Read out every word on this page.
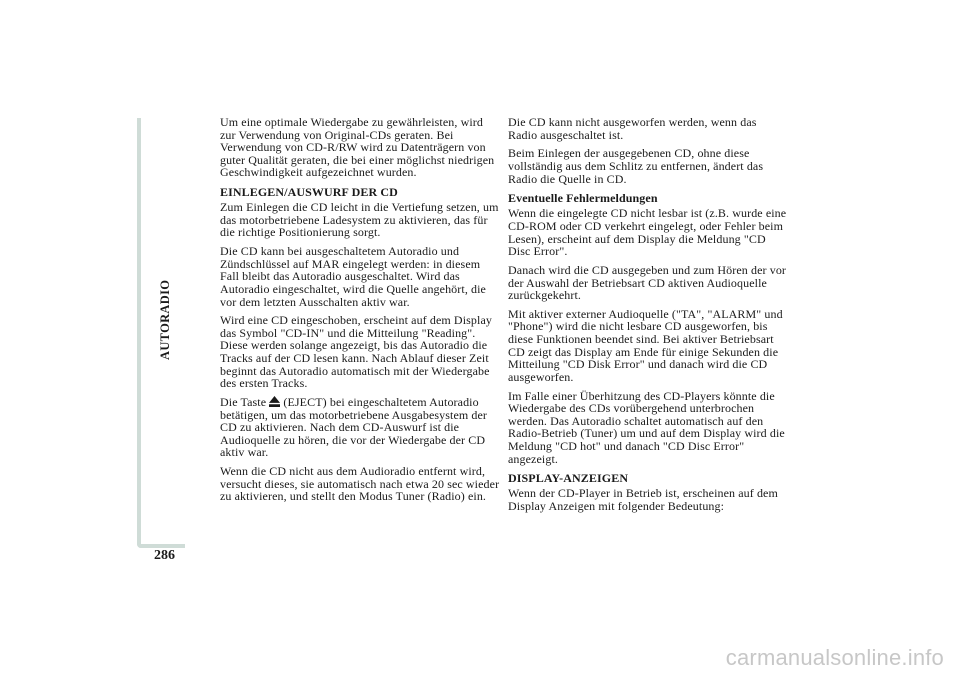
AUTORADIO
286

Um eine optimale Wiedergabe zu gewährleisten, wird zur Verwendung von Original-CDs geraten. Bei Verwendung von CD-R/RW wird zu Datenträgern von guter Qualität geraten, die bei einer möglichst niedrigen Geschwindigkeit aufgezeichnet wurden.

EINLEGEN/AUSWURF DER CD

Zum Einlegen die CD leicht in die Vertiefung setzen, um das motorbetriebene Ladesystem zu aktivieren, das für die richtige Positionierung sorgt.

Die CD kann bei ausgeschaltetem Autoradio und Zündschlüssel auf MAR eingelegt werden: in diesem Fall bleibt das Autoradio ausgeschaltet. Wird das Autoradio eingeschaltet, wird die Quelle angehört, die vor dem letzten Ausschalten aktiv war.

Wird eine CD eingeschoben, erscheint auf dem Display das Symbol "CD-IN" und die Mitteilung "Reading". Diese werden solange angezeigt, bis das Autoradio die Tracks auf der CD lesen kann. Nach Ablauf dieser Zeit beginnt das Autoradio automatisch mit der Wiedergabe des ersten Tracks.

Die Taste (EJECT) bei eingeschaltetem Autoradio betätigen, um das motorbetriebene Ausgabesystem der CD zu aktivieren. Nach dem CD-Auswurf ist die Audioquelle zu hören, die vor der Wiedergabe der CD aktiv war.

Wenn die CD nicht aus dem Audioradio entfernt wird, versucht dieses, sie automatisch nach etwa 20 sec wieder zu aktivieren, und stellt den Modus Tuner (Radio) ein.

Die CD kann nicht ausgeworfen werden, wenn das Radio ausgeschaltet ist.

Beim Einlegen der ausgegebenen CD, ohne diese vollständig aus dem Schlitz zu entfernen, ändert das Radio die Quelle in CD.

Eventuelle Fehlermeldungen

Wenn die eingelegte CD nicht lesbar ist (z.B. wurde eine CD-ROM oder CD verkehrt eingelegt, oder Fehler beim Lesen), erscheint auf dem Display die Meldung "CD Disc Error".

Danach wird die CD ausgegeben und zum Hören der vor der Auswahl der Betriebsart CD aktiven Audioquelle zurückgekehrt.

Mit aktiver externer Audioquelle ("TA", "ALARM" und "Phone") wird die nicht lesbare CD ausgeworfen, bis diese Funktionen beendet sind. Bei aktiver Betriebsart CD zeigt das Display am Ende für einige Sekunden die Mitteilung "CD Disk Error" und danach wird die CD ausgeworfen.

Im Falle einer Überhitzung des CD-Players könnte die Wiedergabe des CDs vorübergehend unterbrochen werden. Das Autoradio schaltet automatisch auf den Radio-Betrieb (Tuner) um und auf dem Display wird die Meldung "CD hot" und danach "CD Disc Error" angezeigt.

DISPLAY-ANZEIGEN

Wenn der CD-Player in Betrieb ist, erscheinen auf dem Display Anzeigen mit folgender Bedeutung:

carmanualsonline.info
